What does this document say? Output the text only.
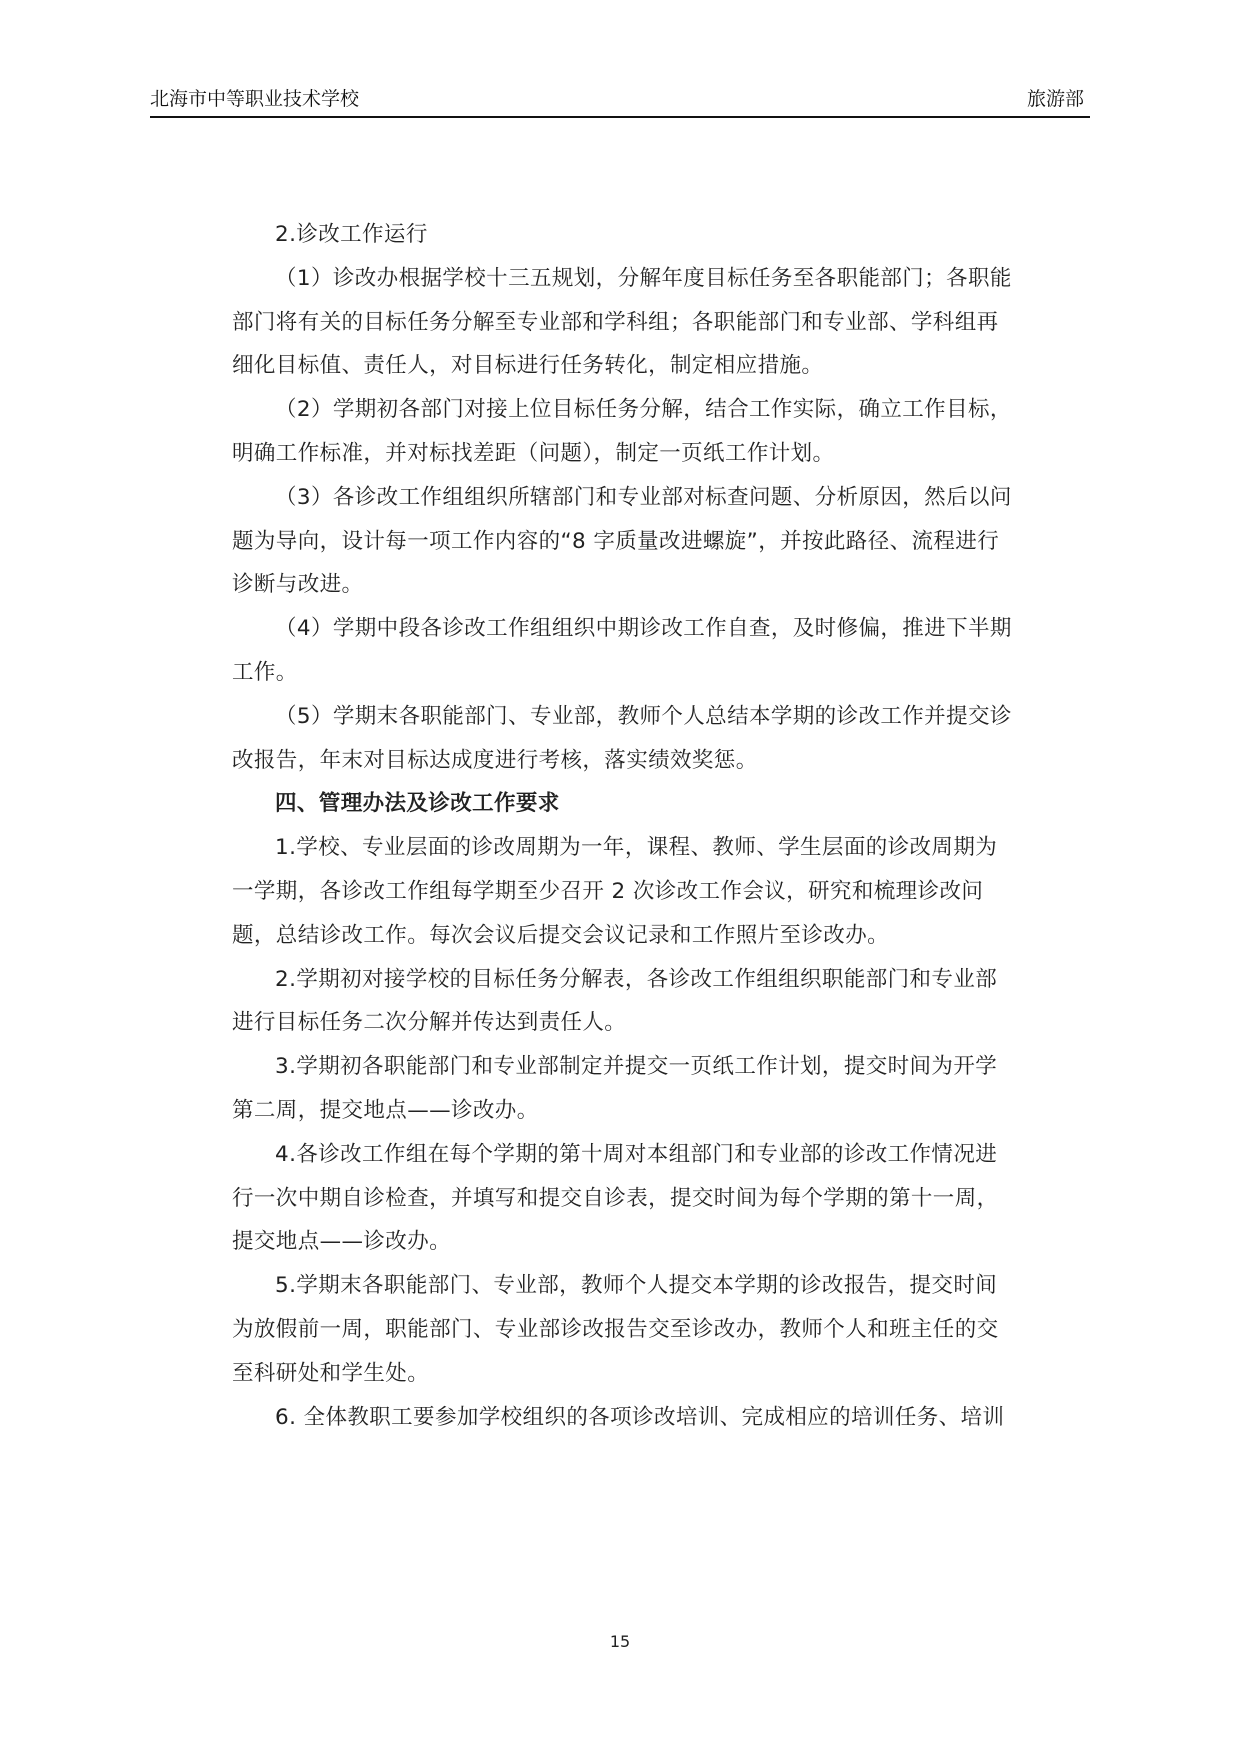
北海市中等职业技术学校	旅游部

2.诊改工作运行

（1）诊改办根据学校十三五规划，分解年度目标任务至各职能部门；各职能部门将有关的目标任务分解至专业部和学科组；各职能部门和专业部、学科组再细化目标值、责任人，对目标进行任务转化，制定相应措施。

（2）学期初各部门对接上位目标任务分解，结合工作实际，确立工作目标，明确工作标准，并对标找差距（问题），制定一页纸工作计划。

（3）各诊改工作组组织所辖部门和专业部对标查问题、分析原因，然后以问题为导向，设计每一项工作内容的“8 字质量改进螺旋”，并按此路径、流程进行诊断与改进。

（4）学期中段各诊改工作组组织中期诊改工作自查，及时修偏，推进下半期工作。

（5）学期末各职能部门、专业部，教师个人总结本学期的诊改工作并提交诊改报告，年末对目标达成度进行考核，落实绩效奖惩。

四、管理办法及诊改工作要求

1.学校、专业层面的诊改周期为一年，课程、教师、学生层面的诊改周期为一学期，各诊改工作组每学期至少召开 2 次诊改工作会议，研究和梳理诊改问题，总结诊改工作。每次会议后提交会议记录和工作照片至诊改办。

2.学期初对接学校的目标任务分解表，各诊改工作组组织职能部门和专业部进行目标任务二次分解并传达到责任人。

3.学期初各职能部门和专业部制定并提交一页纸工作计划，提交时间为开学第二周，提交地点——诊改办。

4.各诊改工作组在每个学期的第十周对本组部门和专业部的诊改工作情况进行一次中期自诊检查，并填写和提交自诊表，提交时间为每个学期的第十一周，提交地点——诊改办。

5.学期末各职能部门、专业部，教师个人提交本学期的诊改报告，提交时间为放假前一周，职能部门、专业部诊改报告交至诊改办，教师个人和班主任的交至科研处和学生处。

6. 全体教职工要参加学校组织的各项诊改培训、完成相应的培训任务、培训

15
